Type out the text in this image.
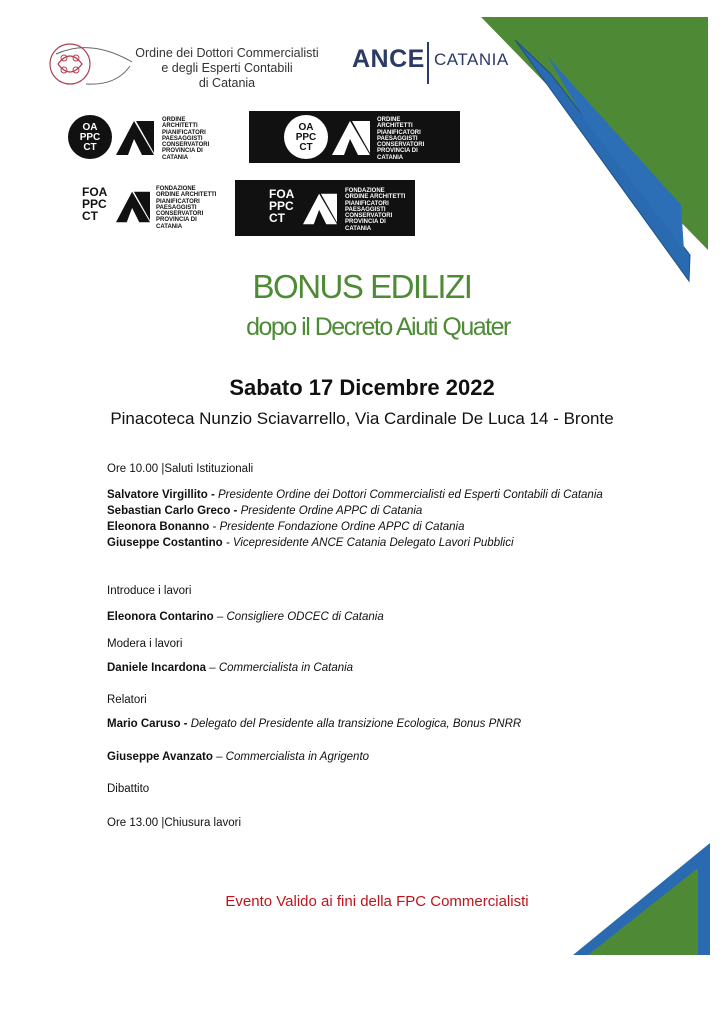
Ordine dei Dottori Commercialisti
e degli Esperti Contabili
di Catania
ANCE CATANIA
OA
PPC
CT
ORDINE
ARCHITETTI
PIANIFICATORI
PAESAGGISTI
CONSERVATORI
PROVINCIA DI
CATANIA
OA
PPC
CT
ORDINE
ARCHITETTI
PIANIFICATORI
PAESAGGISTI
CONSERVATORI
PROVINCIA DI
CATANIA
FOA
PPC
CT
FONDAZIONE
ORDINE ARCHITETTI
PIANIFICATORI
PAESAGGISTI
CONSERVATORI
PROVINCIA DI
CATANIA
FOA
PPC
CT
FONDAZIONE
ORDINE ARCHITETTI
PIANIFICATORI
PAESAGGISTI
CONSERVATORI
PROVINCIA DI
CATANIA
BONUS EDILIZI
dopo il Decreto Aiuti Quater
Sabato 17 Dicembre 2022
Pinacoteca Nunzio Sciavarrello, Via Cardinale De Luca 14 - Bronte
Ore 10.00 |Saluti Istituzionali
Salvatore Virgillito - Presidente Ordine dei Dottori Commercialisti ed Esperti Contabili di Catania
Sebastian Carlo Greco - Presidente Ordine APPC di Catania
Eleonora Bonanno - Presidente Fondazione Ordine APPC di Catania
Giuseppe Costantino - Vicepresidente ANCE Catania Delegato Lavori Pubblici
Introduce i lavori
Eleonora Contarino – Consigliere ODCEC di Catania
Modera i lavori
Daniele Incardona – Commercialista in Catania
Relatori
Mario Caruso - Delegato del Presidente alla transizione Ecologica, Bonus PNRR
Giuseppe Avanzato – Commercialista in Agrigento
Dibattito
Ore 13.00 |Chiusura lavori
Evento Valido ai fini della FPC Commercialisti
